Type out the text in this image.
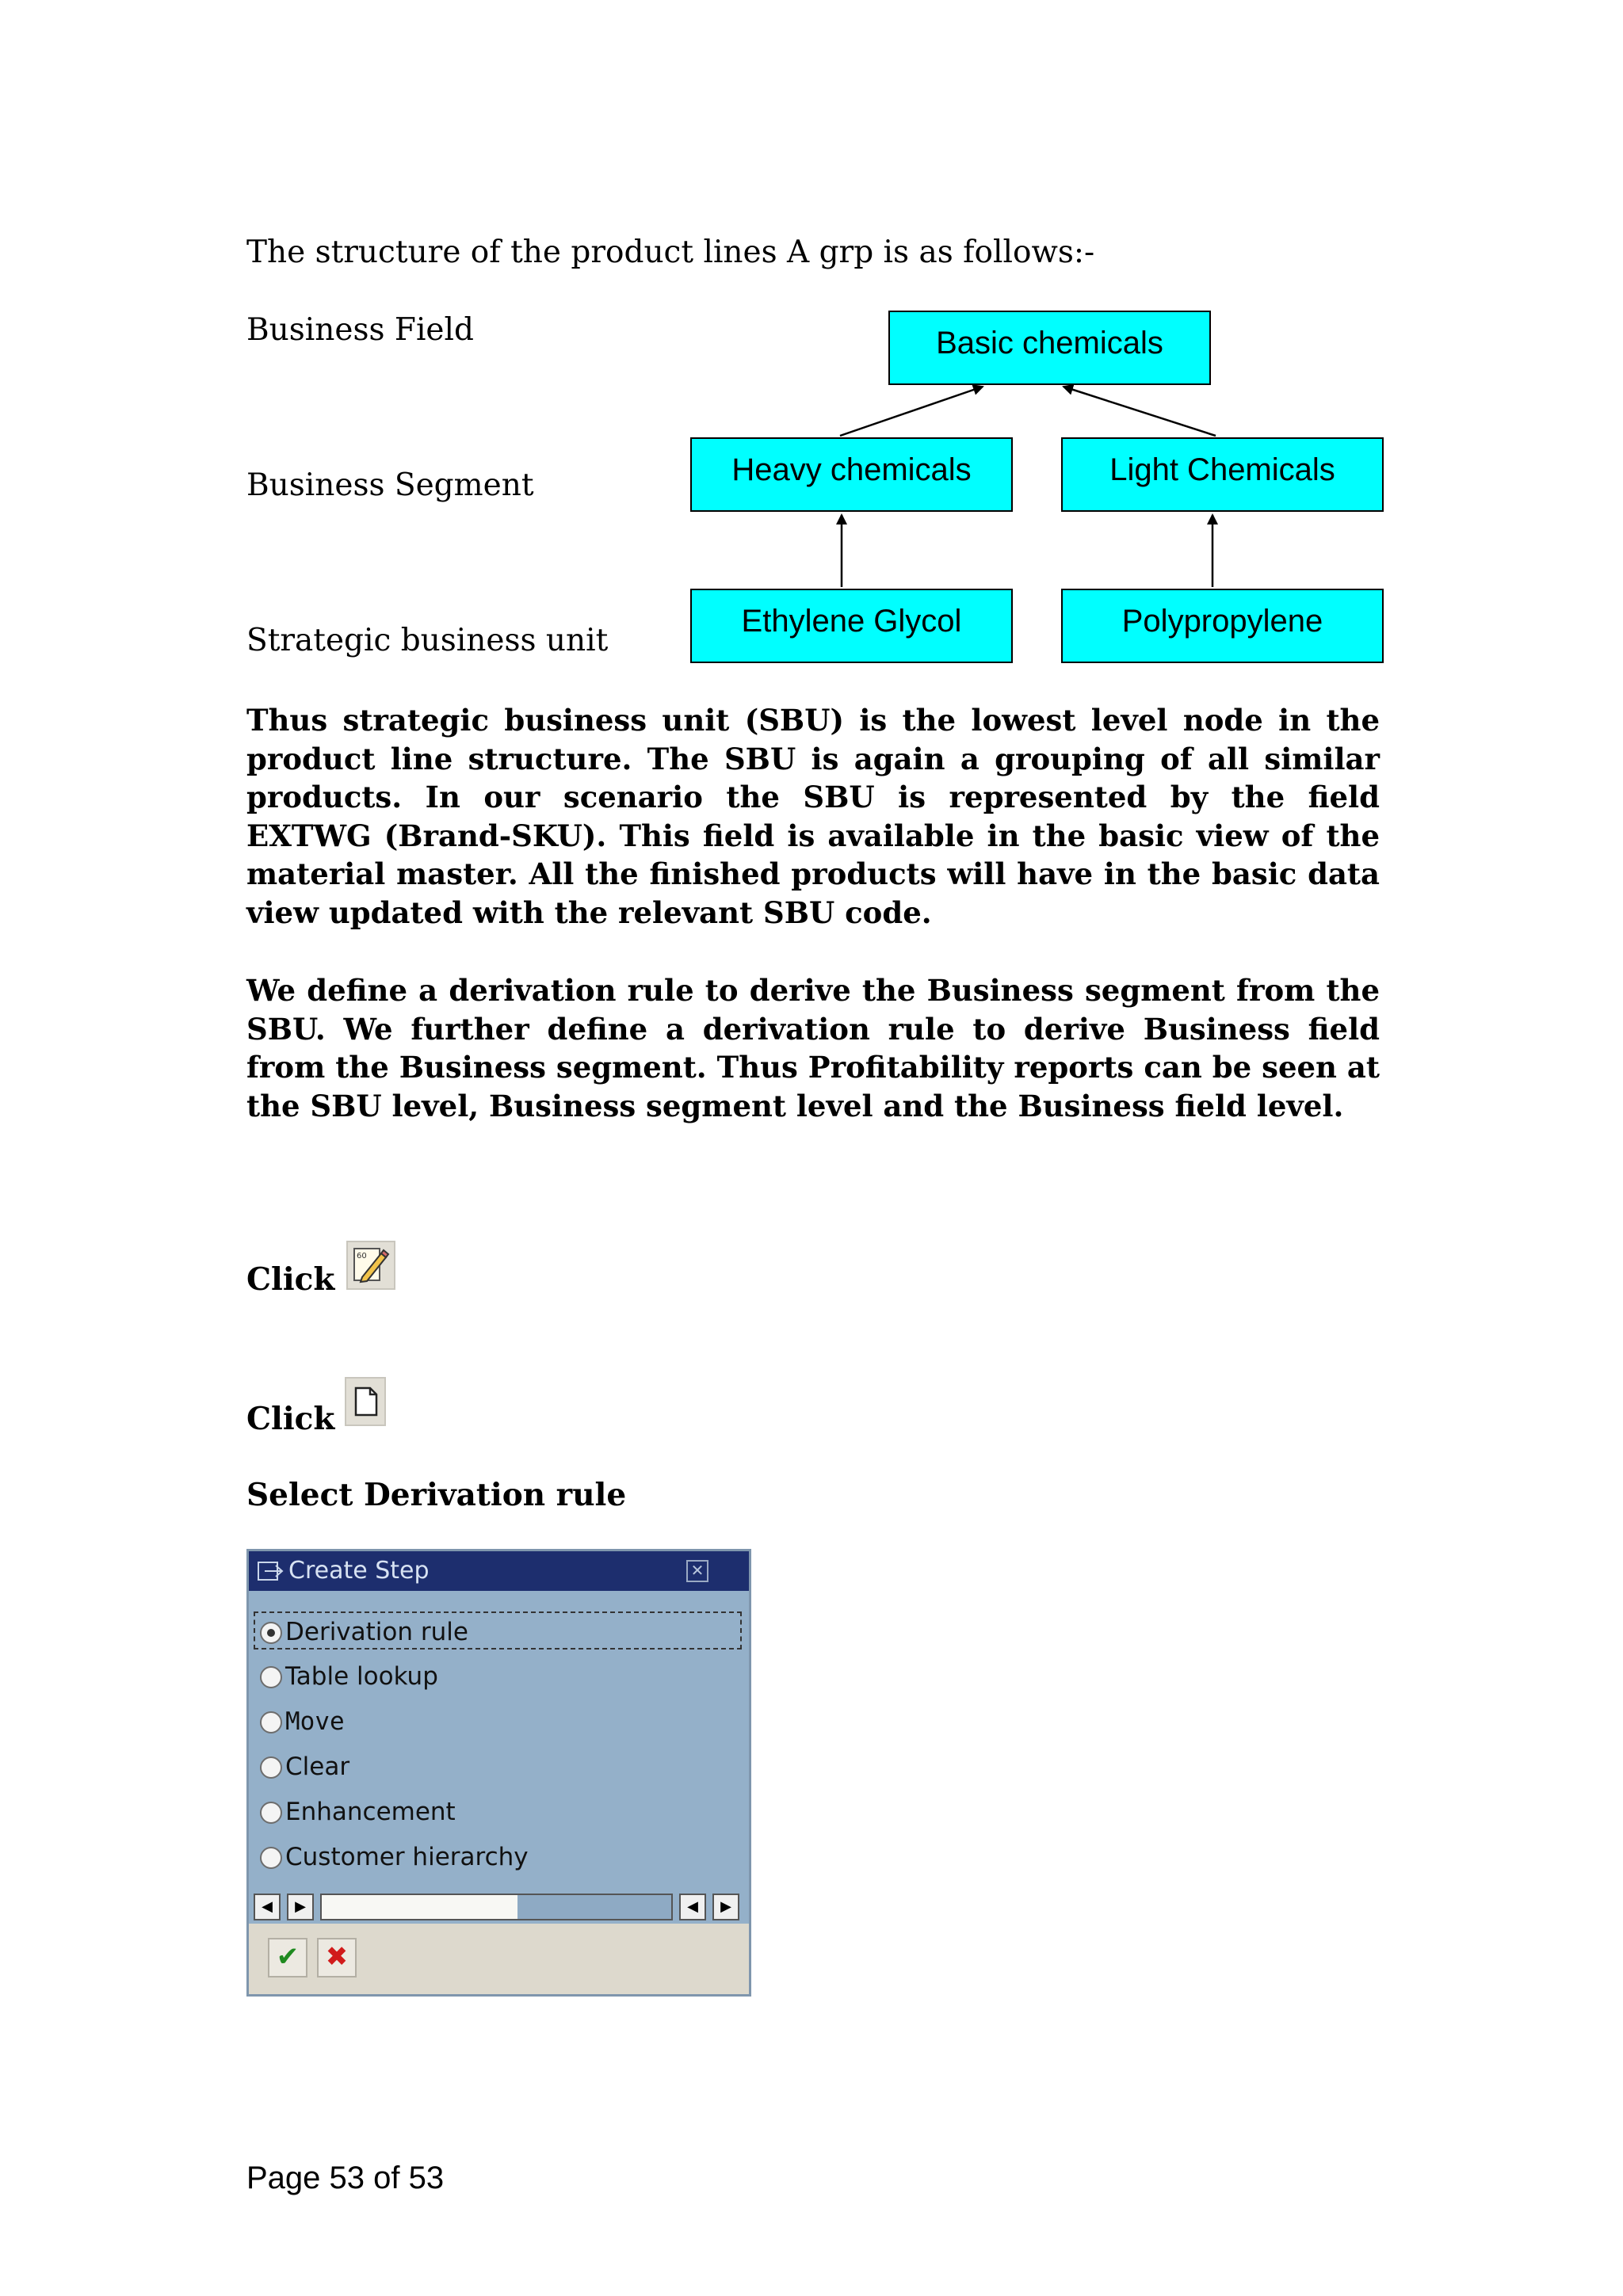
The structure of the product lines A grp is as follows:-
Business Field
Business Segment
Strategic business unit
Basic chemicals
Heavy chemicals	Light Chemicals
Ethylene Glycol	Polypropylene

Thus strategic business unit (SBU) is the lowest level node in the product line structure. The SBU is again a grouping of all similar products. In our scenario the SBU is represented by the field EXTWG (Brand-SKU). This field is available in the basic view of the material master. All the finished products will have in the basic data view updated with the relevant SBU code.

We define a derivation rule to derive the Business segment from the SBU. We further define a derivation rule to derive Business field from the Business segment. Thus Profitability reports can be seen at the SBU level, Business segment level and the Business field level.

Click
60
Click
Select Derivation rule
Create Step	✕
Derivation rule
Table lookup
Move
Clear
Enhancement
Customer hierarchy
◀	▶	◀	▶
✔ ✖
Page 53 of 53
